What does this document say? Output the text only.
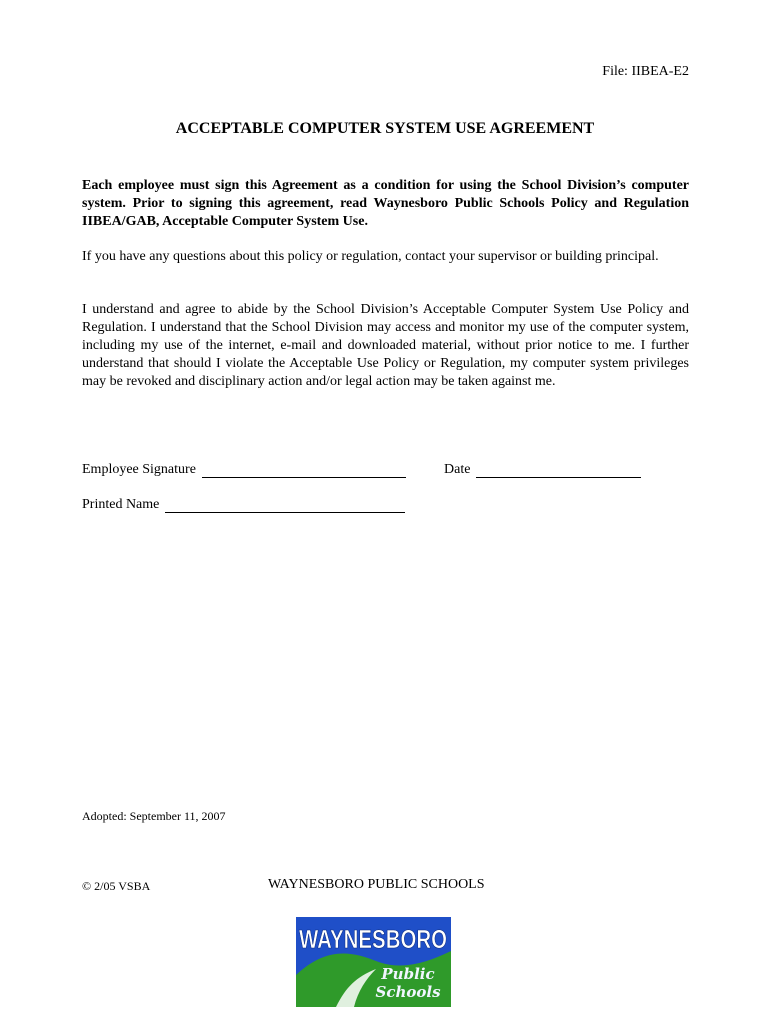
File: IIBEA-E2
ACCEPTABLE COMPUTER SYSTEM USE AGREEMENT
Each employee must sign this Agreement as a condition for using the School Division’s computer system. Prior to signing this agreement, read Waynesboro Public Schools Policy and Regulation IIBEA/GAB, Acceptable Computer System Use.
If you have any questions about this policy or regulation, contact your supervisor or building principal.
I understand and agree to abide by the School Division’s Acceptable Computer System Use Policy and Regulation. I understand that the School Division may access and monitor my use of the computer system, including my use of the internet, e-mail and downloaded material, without prior notice to me. I further understand that should I violate the Acceptable Use Policy or Regulation, my computer system privileges may be revoked and disciplinary action and/or legal action may be taken against me.
Employee Signature	Date
Printed Name
Adopted: September 11, 2007
© 2/05 VSBA	WAYNESBORO PUBLIC SCHOOLS
WAYNESBORO
Public
Schools
